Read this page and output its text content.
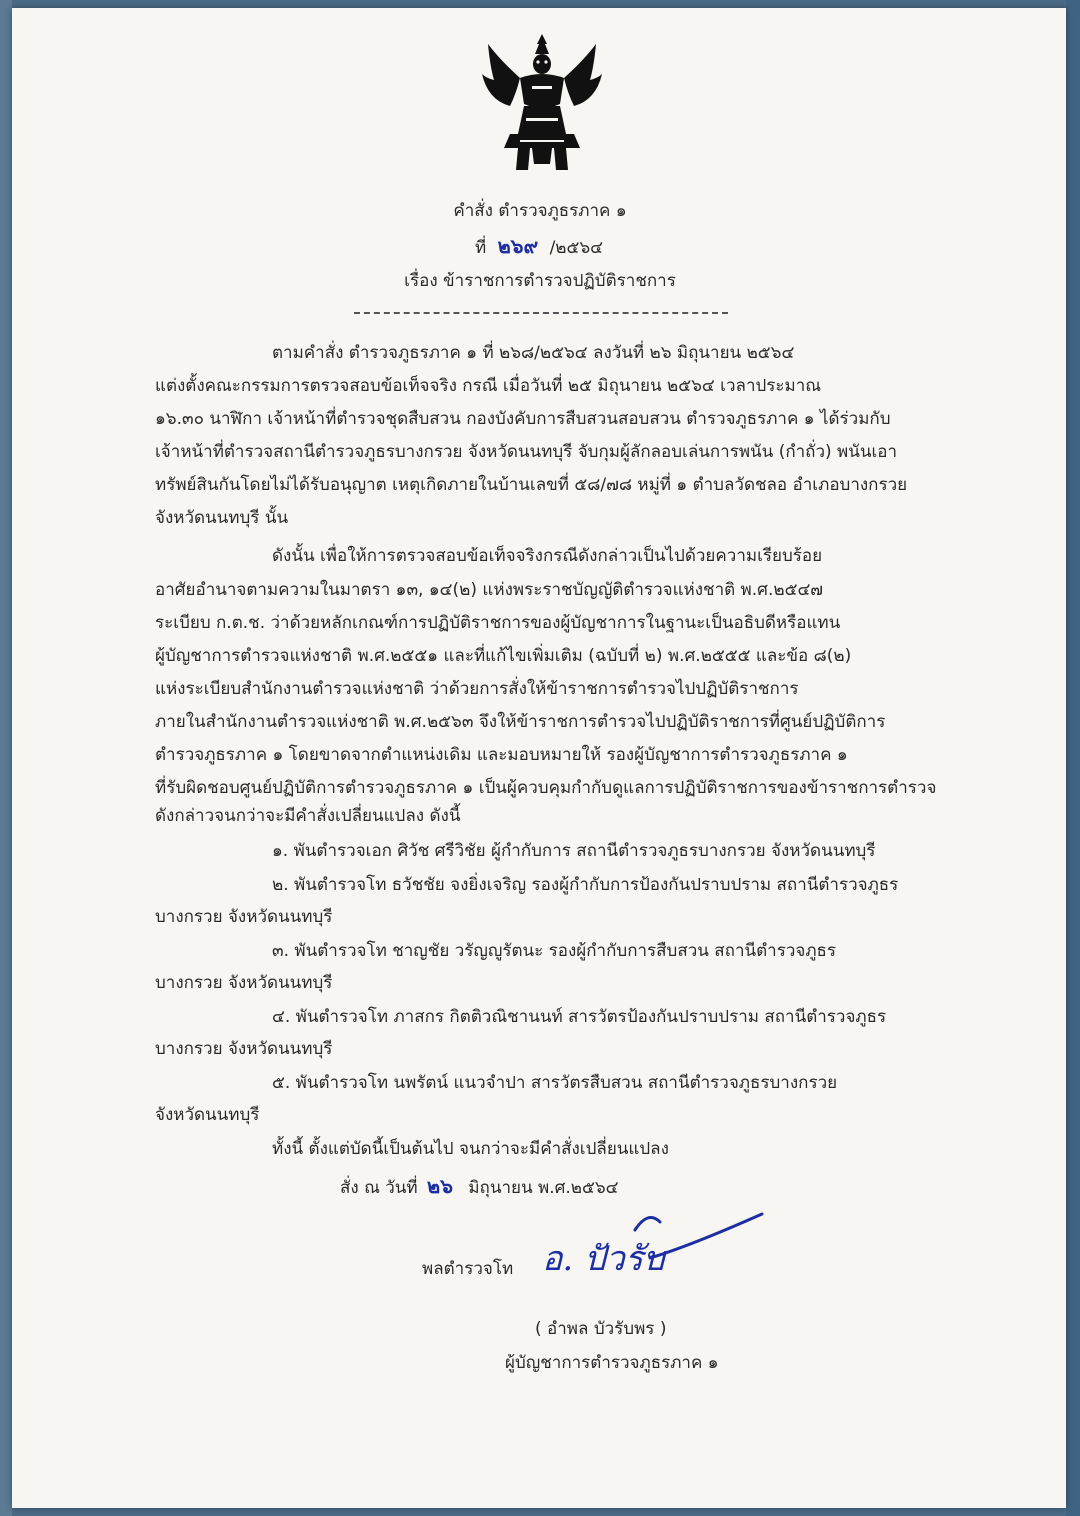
คำสั่ง ตำรวจภูธรภาค ๑
ที่ ๒๖๙ /๒๕๖๔
เรื่อง ข้าราชการตำรวจปฏิบัติราชการ
ตามคำสั่ง ตำรวจภูธรภาค ๑ ที่ ๒๖๘/๒๕๖๔ ลงวันที่ ๒๖ มิถุนายน ๒๕๖๔
แต่งตั้งคณะกรรมการตรวจสอบข้อเท็จจริง กรณี เมื่อวันที่ ๒๕ มิถุนายน ๒๕๖๔ เวลาประมาณ
๑๖.๓๐ นาฬิกา เจ้าหน้าที่ตำรวจชุดสืบสวน กองบังคับการสืบสวนสอบสวน ตำรวจภูธรภาค ๑ ได้ร่วมกับ
เจ้าหน้าที่ตำรวจสถานีตำรวจภูธรบางกรวย จังหวัดนนทบุรี จับกุมผู้ลักลอบเล่นการพนัน (กำถั่ว) พนันเอา
ทรัพย์สินกันโดยไม่ได้รับอนุญาต เหตุเกิดภายในบ้านเลขที่ ๕๘/๗๘ หมู่ที่ ๑ ตำบลวัดชลอ อำเภอบางกรวย
จังหวัดนนทบุรี นั้น
ดังนั้น เพื่อให้การตรวจสอบข้อเท็จจริงกรณีดังกล่าวเป็นไปด้วยความเรียบร้อย
อาศัยอำนาจตามความในมาตรา ๑๓, ๑๔(๒) แห่งพระราชบัญญัติตำรวจแห่งชาติ พ.ศ.๒๕๔๗
ระเบียบ ก.ต.ช. ว่าด้วยหลักเกณฑ์การปฏิบัติราชการของผู้บัญชาการในฐานะเป็นอธิบดีหรือแทน
ผู้บัญชาการตำรวจแห่งชาติ พ.ศ.๒๕๕๑ และที่แก้ไขเพิ่มเติม (ฉบับที่ ๒) พ.ศ.๒๕๕๕ และข้อ ๘(๒)
แห่งระเบียบสำนักงานตำรวจแห่งชาติ ว่าด้วยการสั่งให้ข้าราชการตำรวจไปปฏิบัติราชการ
ภายในสำนักงานตำรวจแห่งชาติ พ.ศ.๒๕๖๓ จึงให้ข้าราชการตำรวจไปปฏิบัติราชการที่ศูนย์ปฏิบัติการ
ตำรวจภูธรภาค ๑ โดยขาดจากตำแหน่งเดิม และมอบหมายให้ รองผู้บัญชาการตำรวจภูธรภาค ๑
ที่รับผิดชอบศูนย์ปฏิบัติการตำรวจภูธรภาค ๑ เป็นผู้ควบคุมกำกับดูแลการปฏิบัติราชการของข้าราชการตำรวจ
ดังกล่าวจนกว่าจะมีคำสั่งเปลี่ยนแปลง ดังนี้
๑. พันตำรวจเอก ศิวัช ศรีวิชัย ผู้กำกับการ สถานีตำรวจภูธรบางกรวย จังหวัดนนทบุรี
๒. พันตำรวจโท ธวัชชัย จงยิ่งเจริญ รองผู้กำกับการป้องกันปราบปราม สถานีตำรวจภูธร
บางกรวย จังหวัดนนทบุรี
๓. พันตำรวจโท ชาญชัย วรัญญูรัตนะ รองผู้กำกับการสืบสวน สถานีตำรวจภูธร
บางกรวย จังหวัดนนทบุรี
๔. พันตำรวจโท ภาสกร กิตติวณิชานนท์ สารวัตรป้องกันปราบปราม สถานีตำรวจภูธร
บางกรวย จังหวัดนนทบุรี
๕. พันตำรวจโท นพรัตน์ แนวจำปา สารวัตรสืบสวน สถานีตำรวจภูธรบางกรวย
จังหวัดนนทบุรี
ทั้งนี้ ตั้งแต่บัดนี้เป็นต้นไป จนกว่าจะมีคำสั่งเปลี่ยนแปลง
สั่ง ณ วันที่ ๒๖ มิถุนายน พ.ศ.๒๕๖๔
อ. ปัวรับ
พลตำรวจโท
( อำพล บัวรับพร )
ผู้บัญชาการตำรวจภูธรภาค ๑
